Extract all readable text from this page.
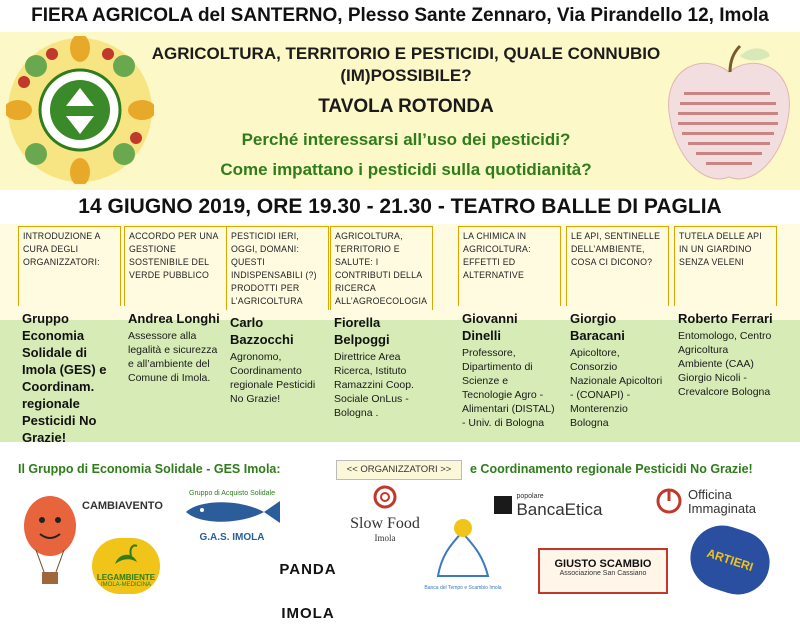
FIERA AGRICOLA del SANTERNO, Plesso Sante Zennaro, Via Pirandello 12, Imola
AGRICOLTURA, TERRITORIO E PESTICIDI, QUALE CONNUBIO
(IM)POSSIBILE?
TAVOLA ROTONDA
Perché interessarsi all’uso dei pesticidi?
Come impattano i pesticidi sulla quotidianità?
14 GIUGNO 2019, ORE 19.30 - 21.30 - TEATRO BALLE DI PAGLIA
INTRODUZIONE A CURA DEGLI ORGANIZZATORI:
Gruppo Economia Solidale di Imola (GES) e Coordinam. regionale Pesticidi No Grazie!
ACCORDO PER UNA GESTIONE SOSTENIBILE DEL VERDE PUBBLICO
Andrea Longhi
Assessore alla legalità e sicurezza e all’ambiente del Comune di Imola.
PESTICIDI IERI, OGGI, DOMANI: QUESTI INDISPENSABILI (?) PRODOTTI PER L’AGRICOLTURA
Carlo Bazzocchi
Agronomo, Coordinamento regionale Pesticidi No Grazie!
AGRICOLTURA, TERRITORIO E SALUTE: I CONTRIBUTI DELLA RICERCA ALL’AGROECOLOGIA
Fiorella Belpoggi
Direttrice Area Ricerca, Istituto Ramazzini Coop. Sociale OnLus - Bologna .
LA CHIMICA IN AGRICOLTURA: EFFETTI ED ALTERNATIVE
Giovanni Dinelli
Professore, Dipartimento di Scienze e Tecnologie Agro -Alimentari (DISTAL) - Univ. di Bologna
LE API, SENTINELLE DELL’AMBIENTE, COSA CI DICONO?
Giorgio Baracani
Apicoltore, Consorzio Nazionale Apicoltori - (CONAPI) - Monterenzio Bologna
TUTELA DELLE API IN UN GIARDINO SENZA VELENI
Roberto Ferrari
Entomologo, Centro Agricoltura Ambiente (CAA) Giorgio Nicoli - Crevalcore Bologna
Il Gruppo di Economia Solidale - GES Imola:	<< ORGANIZZATORI >>	e Coordinamento regionale Pesticidi No Grazie!
CAMBIAVENTO
Gruppo di Acquisto Solidale
G.A.S. IMOLA
LEGAMBIENTE
IMOLA-MEDICINA
PANDA IMOLA
Slow Food
Imola
Banca del Tempo e Scambio Imola

popolare
BancaEtica
GIUSTO SCAMBIO
Associazione San Cassiano
Officina
Immaginata
ARTIERI
